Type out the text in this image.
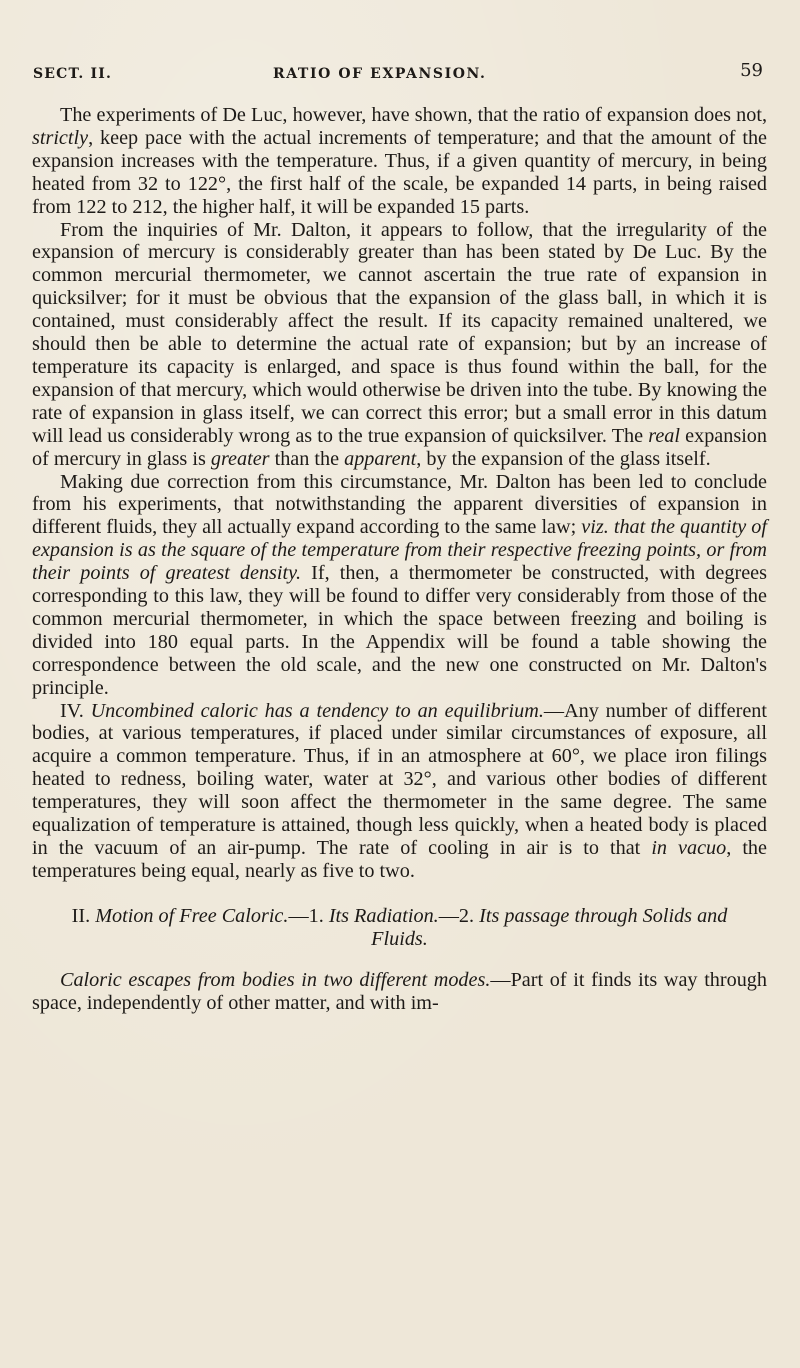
SECT. II.	RATIO OF EXPANSION.	59

The experiments of De Luc, however, have shown, that the ratio of expansion does not, strictly, keep pace with the actual increments of temperature; and that the amount of the expansion increases with the temperature. Thus, if a given quantity of mercury, in being heated from 32 to 122°, the first half of the scale, be expanded 14 parts, in being raised from 122 to 212, the higher half, it will be expanded 15 parts.

From the inquiries of Mr. Dalton, it appears to follow, that the irregularity of the expansion of mercury is considerably greater than has been stated by De Luc. By the common mercurial thermometer, we cannot ascertain the true rate of expansion in quicksilver; for it must be obvious that the expansion of the glass ball, in which it is contained, must considerably affect the result. If its capacity remained unaltered, we should then be able to determine the actual rate of expansion; but by an increase of temperature its capacity is enlarged, and space is thus found within the ball, for the expansion of that mercury, which would otherwise be driven into the tube. By knowing the rate of expansion in glass itself, we can correct this error; but a small error in this datum will lead us considerably wrong as to the true expansion of quicksilver. The real expansion of mercury in glass is greater than the apparent, by the expansion of the glass itself.

Making due correction from this circumstance, Mr. Dalton has been led to conclude from his experiments, that notwithstanding the apparent diversities of expansion in different fluids, they all actually expand according to the same law; viz. that the quantity of expansion is as the square of the temperature from their respective freezing points, or from their points of greatest density. If, then, a thermometer be constructed, with degrees corresponding to this law, they will be found to differ very considerably from those of the common mercurial thermometer, in which the space between freezing and boiling is divided into 180 equal parts. In the Appendix will be found a table showing the correspondence between the old scale, and the new one constructed on Mr. Dalton's principle.

IV. Uncombined caloric has a tendency to an equilibrium.—Any number of different bodies, at various temperatures, if placed under similar circumstances of exposure, all acquire a common temperature. Thus, if in an atmosphere at 60°, we place iron filings heated to redness, boiling water, water at 32°, and various other bodies of different temperatures, they will soon affect the thermometer in the same degree. The same equalization of temperature is attained, though less quickly, when a heated body is placed in the vacuum of an air-pump. The rate of cooling in air is to that in vacuo, the temperatures being equal, nearly as five to two.

II. Motion of Free Caloric.—1. Its Radiation.—2. Its passage through Solids and Fluids.

Caloric escapes from bodies in two different modes.—Part of it finds its way through space, independently of other matter, and with im-
